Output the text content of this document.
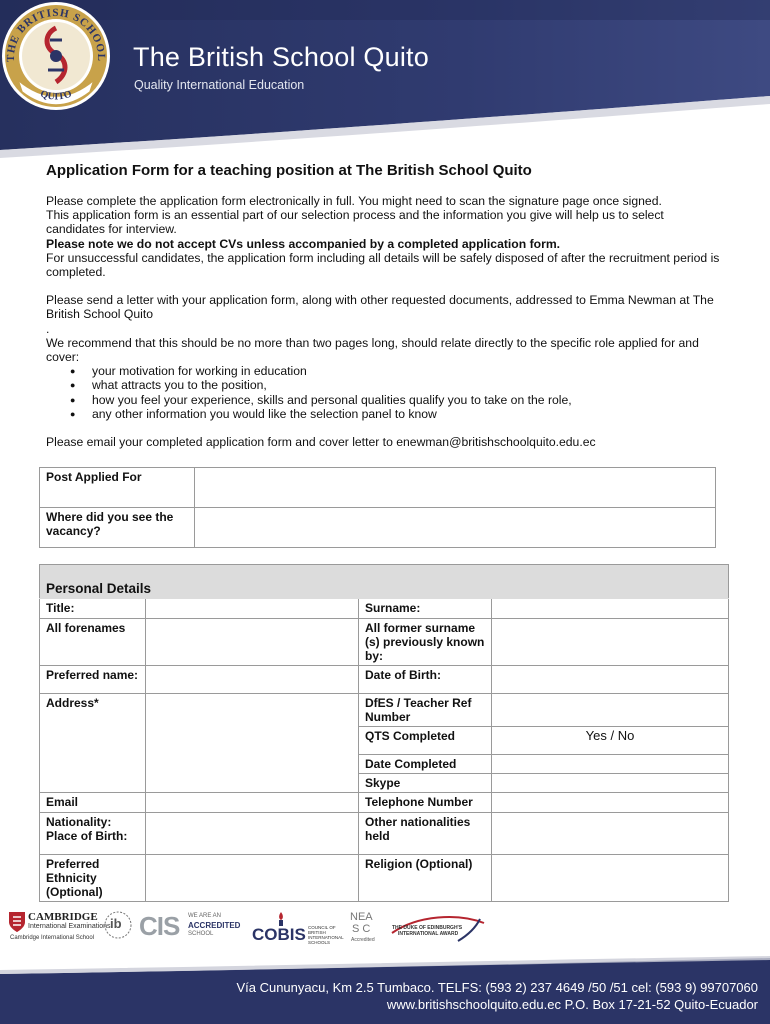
THE BRITISH SCHOOL
QUITO
The British School Quito
Quality International Education
Application Form for a teaching position at The British School Quito

Please complete the application form electronically in full. You might need to scan the signature page once signed.

This application form is an essential part of our selection process and the information you give will help us to select candidates for interview.

Please note we do not accept CVs unless accompanied by a completed application form.

For unsuccessful candidates, the application form including all details will be safely disposed of after the recruitment period is completed.

Please send a letter with your application form, along with other requested documents, addressed to Emma Newman at The British School Quito

.

We recommend that this should be no more than two pages long, should relate directly to the specific role applied for and cover:

● your motivation for working in education
● what attracts you to the position,
● how you feel your experience, skills and personal qualities qualify you to take on the role,
● any other information you would like the selection panel to know

Please email your completed application form and cover letter to enewman@britishschoolquito.edu.ec

Post Applied For	
Where did you see the vacancy?	
Personal Details			
Title:		Surname:	
All forenames		All former surname (s) previously known by:	
Preferred name:		Date of Birth:	
Address*		DfES / Teacher Ref Number	
		QTS Completed	Yes / No
		Date Completed	
		Skype	
Email		Telephone Number	
Nationality:
Place of Birth:		Other nationalities held	
Preferred Ethnicity (Optional)		Religion (Optional)	
CAMBRIDGE
International Examinations
Cambridge International School
ib CIS WE ARE AN
ACCREDITED
SCHOOL COBIS COUNCIL OF
BRITISH
INTERNATIONAL
SCHOOLS
NEA
S C
Accredited
THE DUKE OF EDINBURGH'S
INTERNATIONAL AWARD
Vía Cununyacu, Km 2.5 Tumbaco. TELFS: (593 2) 237 4649 /50 /51 cel: (593 9) 99707060
www.britishschoolquito.edu.ec P.O. Box 17-21-52 Quito-Ecuador
